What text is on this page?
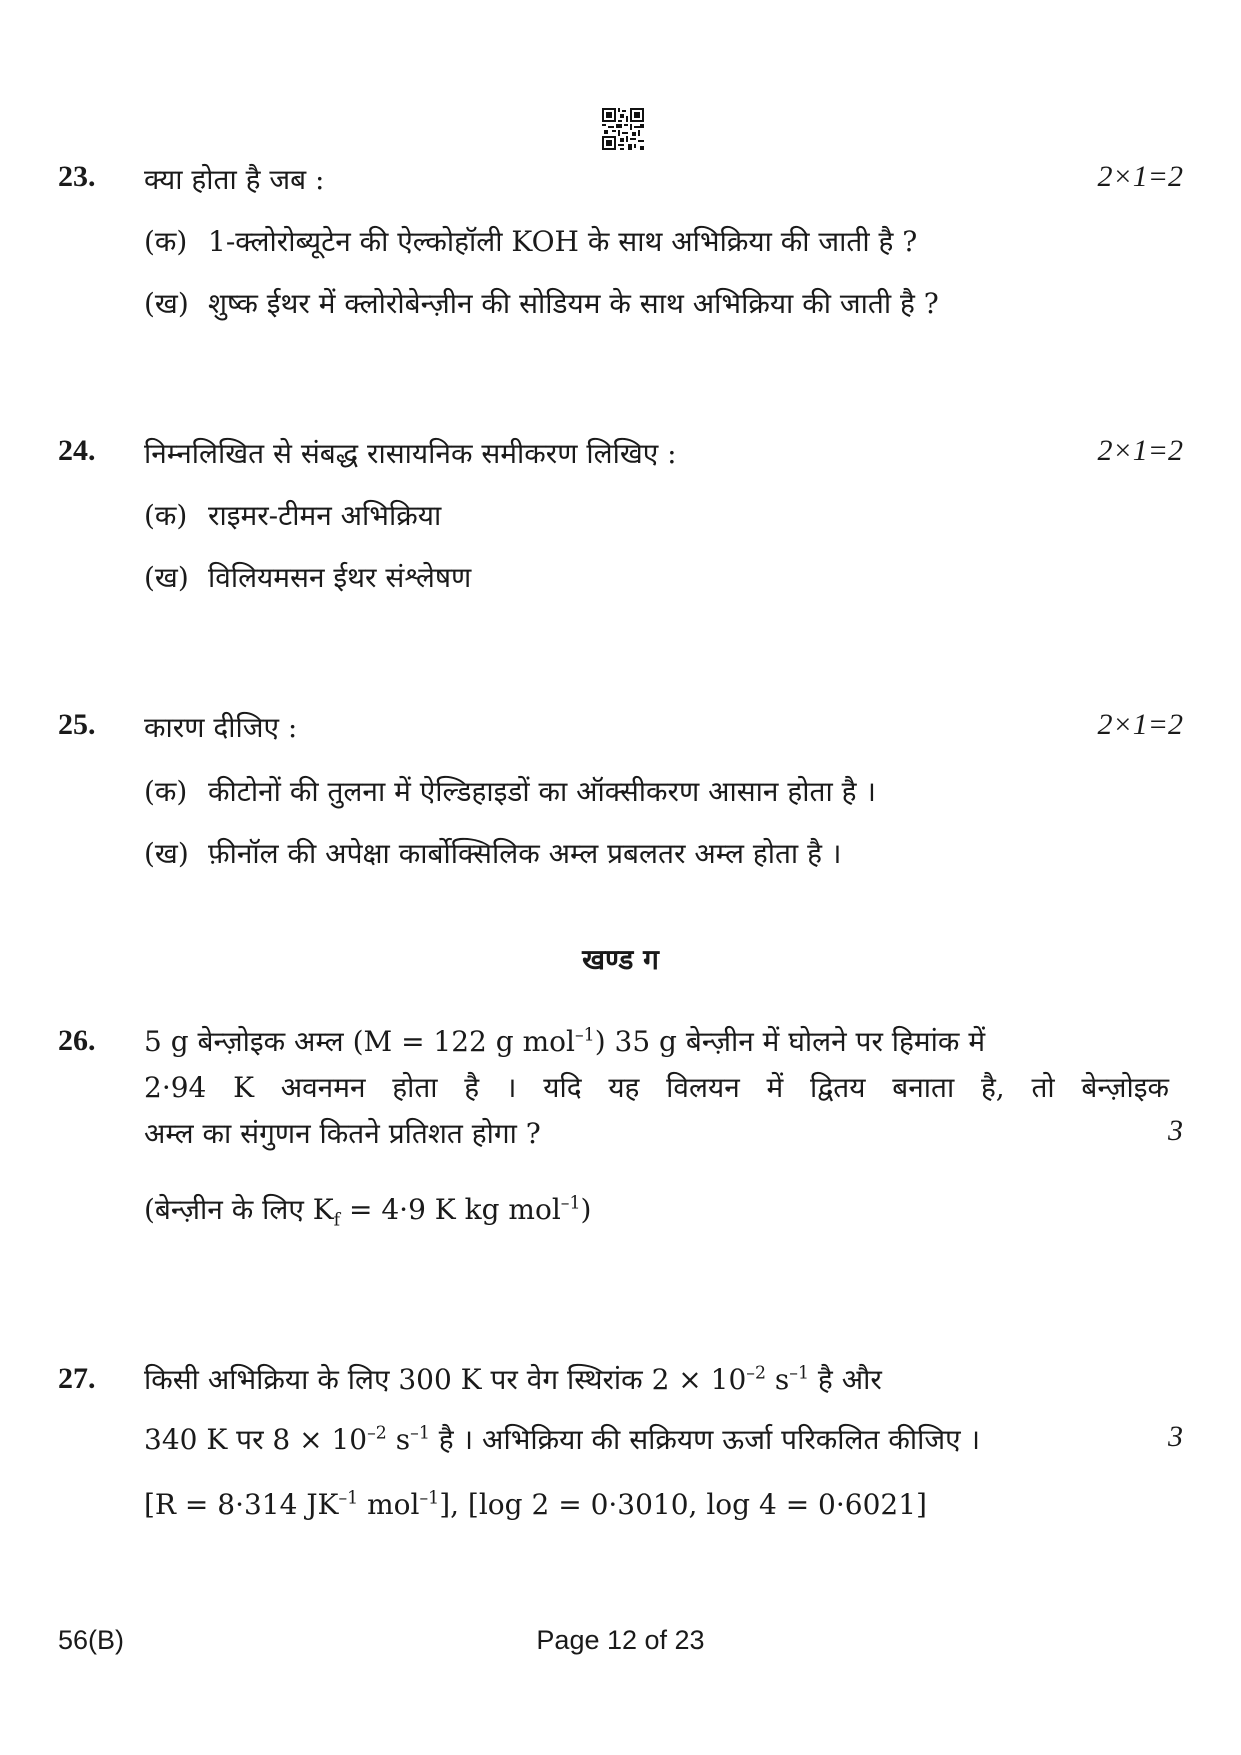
23. क्या होता है जब :	2×1=2
(क) 1-क्लोरोब्यूटेन की ऐल्कोहॉली KOH के साथ अभिक्रिया की जाती है ?
(ख) शुष्क ईथर में क्लोरोबेन्ज़ीन की सोडियम के साथ अभिक्रिया की जाती है ?
24. निम्नलिखित से संबद्ध रासायनिक समीकरण लिखिए :	2×1=2
(क) राइमर-टीमन अभिक्रिया
(ख) विलियमसन ईथर संश्लेषण
25. कारण दीजिए :	2×1=2
(क) कीटोनों की तुलना में ऐल्डिहाइडों का ऑक्सीकरण आसान होता है ।
(ख) फ़ीनॉल की अपेक्षा कार्बोक्सिलिक अम्ल प्रबलतर अम्ल होता है ।
खण्ड ग
26. 5 g बेन्ज़ोइक अम्ल (M = 122 g mol$^{-1}$) 35 g बेन्ज़ीन में घोलने पर हिमांक में
2·94 K अवनमन होता है । यदि यह विलयन में द्वितय बनाता है, तो बेन्ज़ोइक
अम्ल का संगुणन कितने प्रतिशत होगा ?	3
(बेन्ज़ीन के लिए $K_f = 4\cdot 9$ K kg mol$^{-1}$)
27. किसी अभिक्रिया के लिए 300 K पर वेग स्थिरांक $2 \times 10^{-2}$ $s^{-1}$ है और
340 K पर $8 \times 10^{-2}$ $s^{-1}$ है । अभिक्रिया की सक्रियण ऊर्जा परिकलित कीजिए ।	3
[R = 8·314 $JK^{-1}$ mol$^{-1}$], [log 2 = 0·3010, log 4 = 0·6021]
56(B)	Page 12 of 23
